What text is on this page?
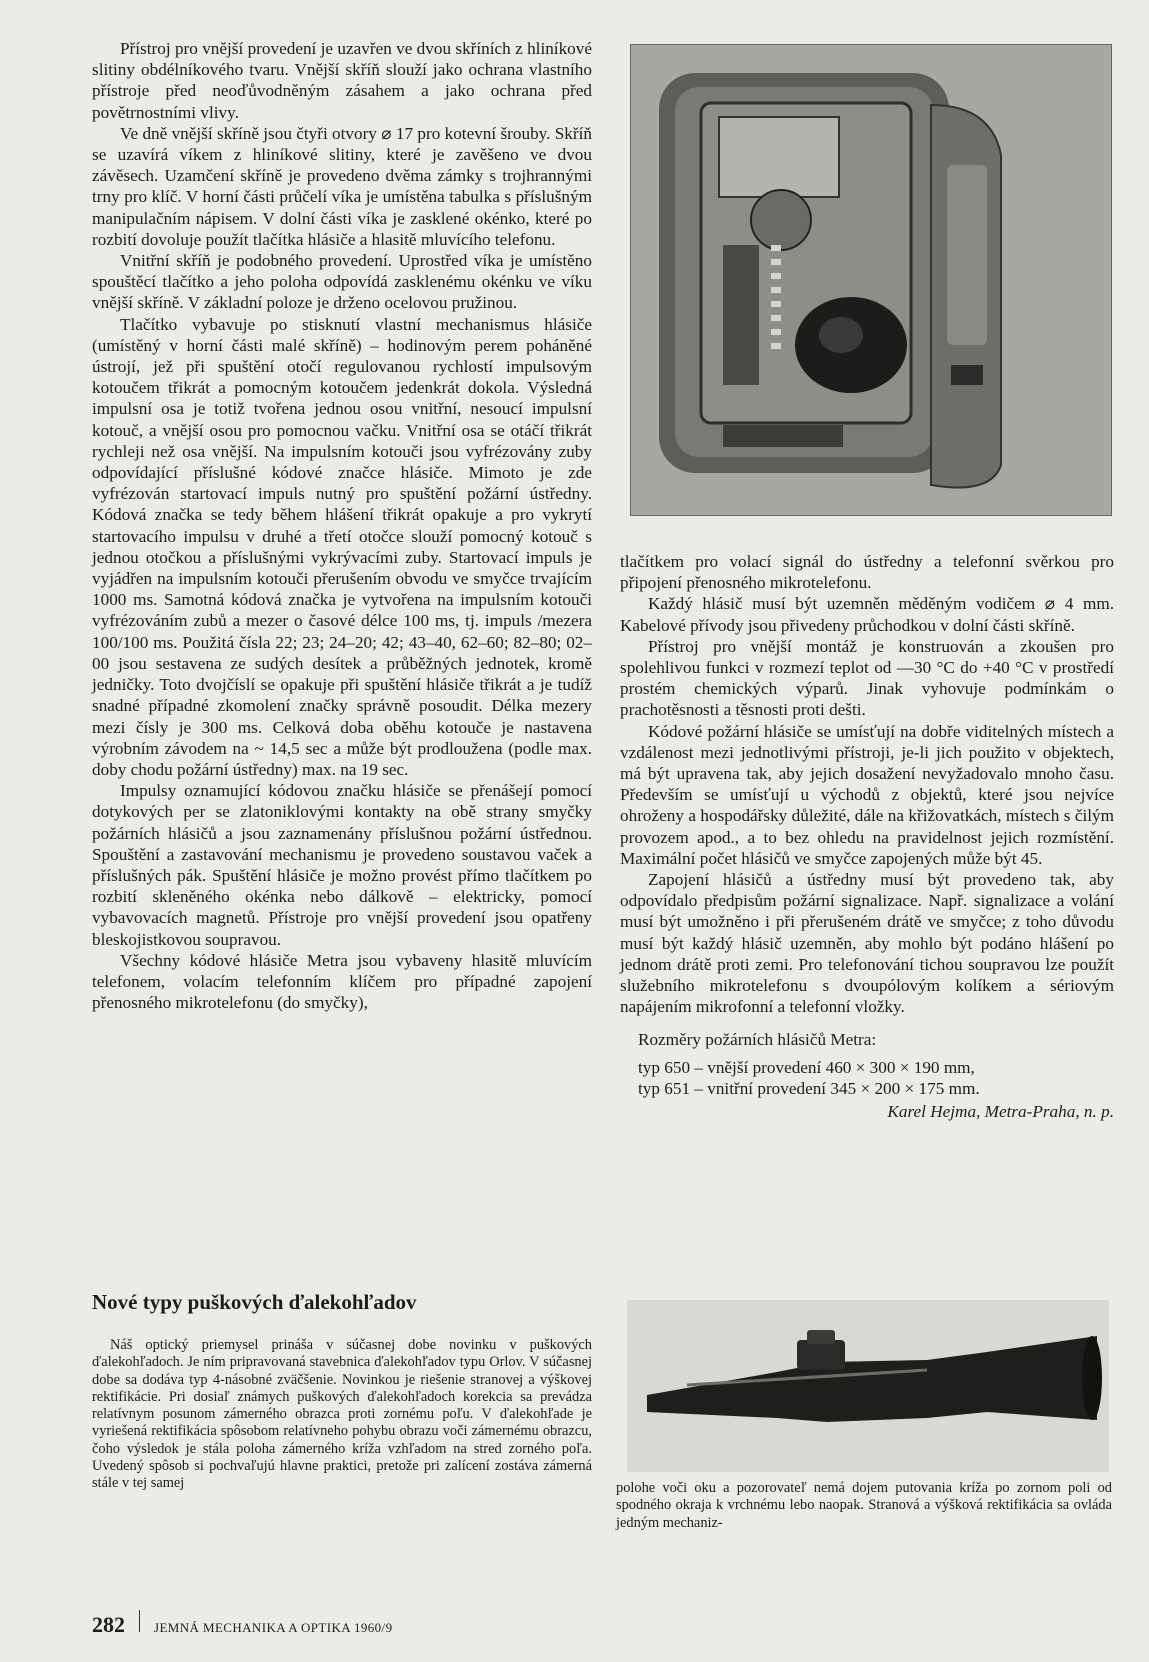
Přístroj pro vnější provedení je uzavřen ve dvou skříních z hliníkové slitiny obdélníkového tvaru. Vnější skříň slouží jako ochrana vlastního přístroje před neoďůvodněným zásahem a jako ochrana před povětrnostními vlivy.

Ve dně vnější skříně jsou čtyři otvory ⌀ 17 pro kotevní šrouby. Skříň se uzavírá víkem z hliníkové slitiny, které je zavěšeno ve dvou závěsech. Uzamčení skříně je provedeno dvěma zámky s trojhrannými trny pro klíč. V horní části průčelí víka je umístěna tabulka s příslušným manipulačním nápisem. V dolní části víka je zasklené okénko, které po rozbití dovoluje použít tlačítka hlásiče a hlasitě mluvícího telefonu.

Vnitřní skříň je podobného provedení. Uprostřed víka je umístěno spouštěcí tlačítko a jeho poloha odpovídá zasklenému okénku ve víku vnější skříně. V základní poloze je drženo ocelovou pružinou.

Tlačítko vybavuje po stisknutí vlastní mechanismus hlásiče (umístěný v horní části malé skříně) – hodinovým perem poháněné ústrojí, jež při spuštění otočí regulovanou rychlostí impulsovým kotoučem třikrát a pomocným kotoučem jedenkrát dokola. Výsledná impulsní osa je totiž tvořena jednou osou vnitřní, nesoucí impulsní kotouč, a vnější osou pro pomocnou vačku. Vnitřní osa se otáčí třikrát rychleji než osa vnější. Na impulsním kotouči jsou vyfrézovány zuby odpovídající příslušné kódové značce hlásiče. Mimoto je zde vyfrézován startovací impuls nutný pro spuštění požární ústředny. Kódová značka se tedy během hlášení třikrát opakuje a pro vykrytí startovacího impulsu v druhé a třetí otočce slouží pomocný kotouč s jednou otočkou a příslušnými vykrývacími zuby. Startovací impuls je vyjádřen na impulsním kotouči přerušením obvodu ve smyčce trvajícím 1000 ms. Samotná kódová značka je vytvořena na impulsním kotouči vyfrézováním zubů a mezer o časové délce 100 ms, tj. impuls /mezera 100/100 ms. Použitá čísla 22; 23; 24–20; 42; 43–40, 62–60; 82–80; 02–00 jsou sestavena ze sudých desítek a průběžných jednotek, kromě jedničky. Toto dvojčíslí se opakuje při spuštění hlásiče třikrát a je tudíž snadné případné zkomolení značky správně posoudit. Délka mezery mezi čísly je 300 ms. Celková doba oběhu kotouče je nastavena výrobním závodem na ~ 14,5 sec a může být prodloužena (podle max. doby chodu požární ústředny) max. na 19 sec.

Impulsy oznamující kódovou značku hlásiče se přenášejí pomocí dotykových per se zlatoniklovými kontakty na obě strany smyčky požárních hlásičů a jsou zaznamenány příslušnou požární ústřednou. Spouštění a zastavování mechanismu je provedeno soustavou vaček a příslušných pák. Spuštění hlásiče je možno provést přímo tlačítkem po rozbití skleněného okénka nebo dálkově – elektricky, pomocí vybavovacích magnetů. Přístroje pro vnější provedení jsou opatřeny bleskojistkovou soupravou.

Všechny kódové hlásiče Metra jsou vybaveny hlasitě mluvícím telefonem, volacím telefonním klíčem pro případné zapojení přenosného mikrotelefonu (do smyčky),

tlačítkem pro volací signál do ústředny a telefonní svěrkou pro připojení přenosného mikrotelefonu.

Každý hlásič musí být uzemněn měděným vodičem ⌀ 4 mm. Kabelové přívody jsou přivedeny průchodkou v dolní části skříně.

Přístroj pro vnější montáž je konstruován a zkoušen pro spolehlivou funkci v rozmezí teplot od —30 °C do +40 °C v prostředí prostém chemických výparů. Jinak vyhovuje podmínkám o prachotěsnosti a těsnosti proti dešti.

Kódové požární hlásiče se umísťují na dobře viditelných místech a vzdálenost mezi jednotlivými přístroji, je-li jich použito v objektech, má být upravena tak, aby jejich dosažení nevyžadovalo mnoho času. Především se umísťují u východů z objektů, které jsou nejvíce ohroženy a hospodářsky důležité, dále na křižovatkách, místech s čilým provozem apod., a to bez ohledu na pravidelnost jejich rozmístění. Maximální počet hlásičů ve smyčce zapojených může být 45.

Zapojení hlásičů a ústředny musí být provedeno tak, aby odpovídalo předpisům požární signalizace. Např. signalizace a volání musí být umožněno i při přerušeném drátě ve smyčce; z toho důvodu musí být každý hlásič uzemněn, aby mohlo být podáno hlášení po jednom drátě proti zemi. Pro telefonování tichou soupravou lze použít služebního mikrotelefonu s dvoupólovým kolíkem a sériovým napájením mikrofonní a telefonní vložky.

Rozměry požárních hlásičů Metra:

typ 650 – vnější provedení 460 × 300 × 190 mm,

typ 651 – vnitřní provedení 345 × 200 × 175 mm.

Karel Hejma, Metra-Praha, n. p.
Nové typy puškových ďalekohľadov

Náš optický priemysel prináša v súčasnej dobe novinku v puškových ďalekohľadoch. Je ním pripravovaná stavebnica ďalekohľadov typu Orlov. V súčasnej dobe sa dodáva typ 4-násobné zväčšenie. Novinkou je riešenie stranovej a výškovej rektifikácie. Pri dosiaľ známych puškových ďalekohľadoch korekcia sa prevádza relatívnym posunom zámerného obrazca proti zornému poľu. V ďalekohľade je vyriešená rektifikácia spôsobom relatívneho pohybu obrazu voči zámernému obrazcu, čoho výsledok je stála poloha zámerného kríža vzhľadom na stred zorného poľa. Uvedený spôsob si pochvaľujú hlavne praktici, pretože pri zalícení zostáva zámerná stále v tej samej	polohe voči oku a pozorovateľ nemá dojem putovania kríža po zornom poli od spodného okraja k vrchnému lebo naopak. Stranová a výšková rektifikácia sa ovláda jedným mechaniz-

282 JEMNÁ MECHANIKA A OPTIKA 1960/9
